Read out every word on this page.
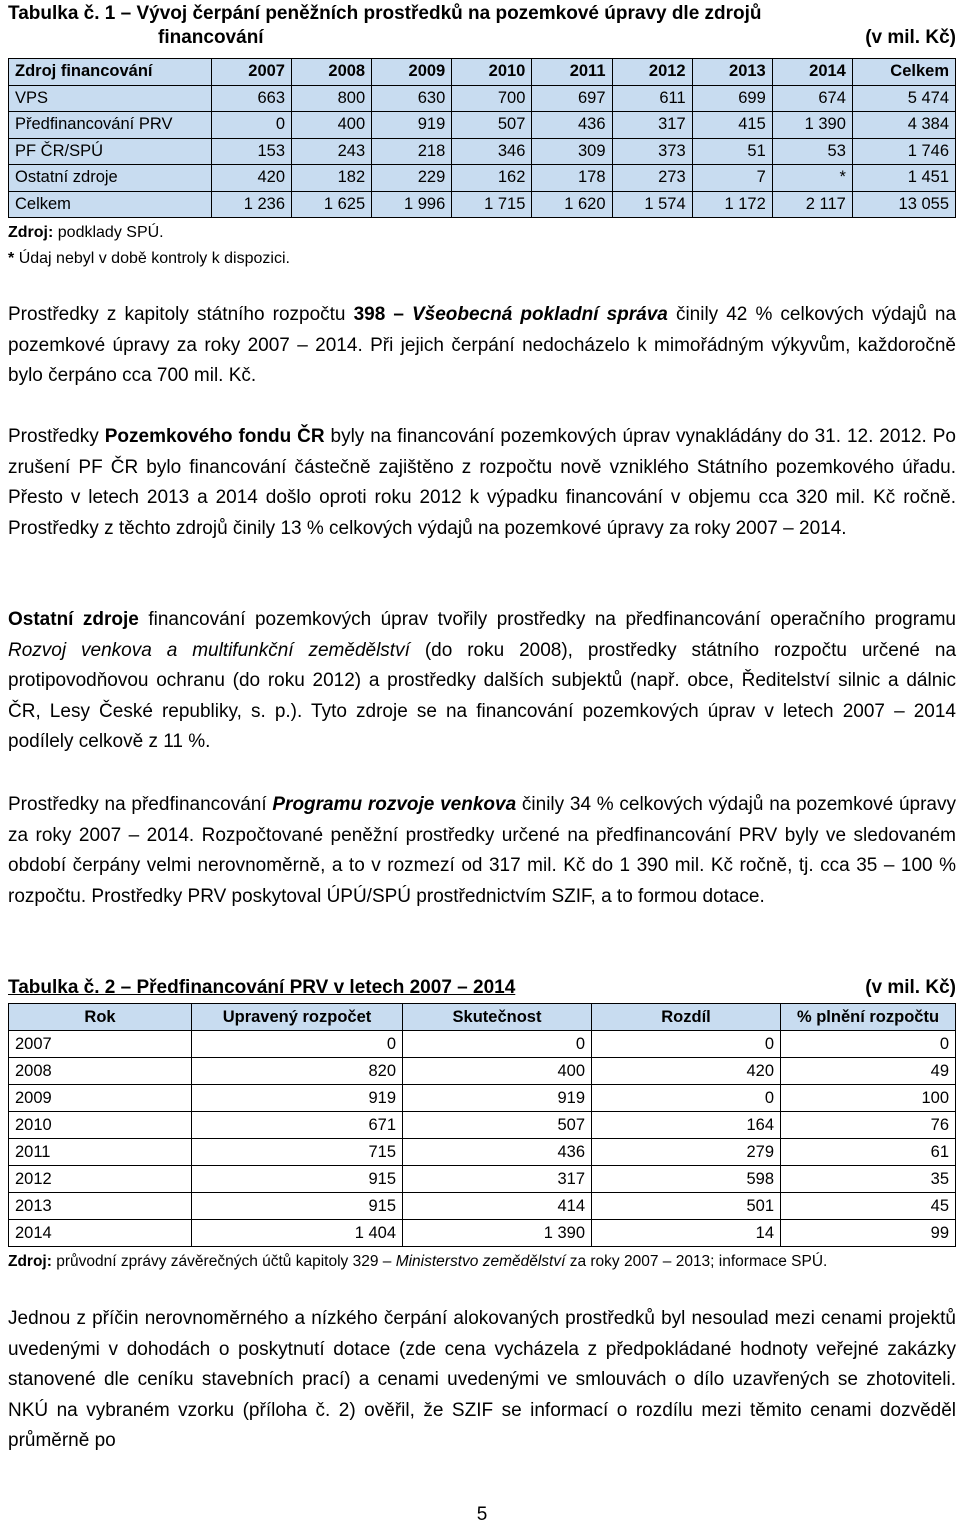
Tabulka č. 1 – Vývoj čerpání peněžních prostředků na pozemkové úpravy dle zdrojů
financování	(v mil. Kč)
Zdroj financování	2007	2008	2009	2010	2011	2012	2013	2014	Celkem
VPS	663	800	630	700	697	611	699	674	5 474
Předfinancování PRV	0	400	919	507	436	317	415	1 390	4 384
PF ČR/SPÚ	153	243	218	346	309	373	51	53	1 746
Ostatní zdroje	420	182	229	162	178	273	7	*	1 451
Celkem	1 236	1 625	1 996	1 715	1 620	1 574	1 172	2 117	13 055
Zdroj: podklady SPÚ.
* Údaj nebyl v době kontroly k dispozici.

Prostředky z kapitoly státního rozpočtu 398 – Všeobecná pokladní správa činily 42 % celkových výdajů na pozemkové úpravy za roky 2007 – 2014. Při jejich čerpání nedocházelo k mimořádným výkyvům, každoročně bylo čerpáno cca 700 mil. Kč.

Prostředky Pozemkového fondu ČR byly na financování pozemkových úprav vynakládány do 31. 12. 2012. Po zrušení PF ČR bylo financování částečně zajištěno z rozpočtu nově vzniklého Státního pozemkového úřadu. Přesto v letech 2013 a 2014 došlo oproti roku 2012 k výpadku financování v objemu cca 320 mil. Kč ročně. Prostředky z těchto zdrojů činily 13 % celkových výdajů na pozemkové úpravy za roky 2007 – 2014.

Ostatní zdroje financování pozemkových úprav tvořily prostředky na předfinancování operačního programu Rozvoj venkova a multifunkční zemědělství (do roku 2008), prostředky státního rozpočtu určené na protipovodňovou ochranu (do roku 2012) a prostředky dalších subjektů (např. obce, Ředitelství silnic a dálnic ČR, Lesy České republiky, s. p.). Tyto zdroje se na financování pozemkových úprav v letech 2007 – 2014 podílely celkově z 11 %.

Prostředky na předfinancování Programu rozvoje venkova činily 34 % celkových výdajů na pozemkové úpravy za roky 2007 – 2014. Rozpočtované peněžní prostředky určené na předfinancování PRV byly ve sledovaném období čerpány velmi nerovnoměrně, a to v rozmezí od 317 mil. Kč do 1 390 mil. Kč ročně, tj. cca 35 – 100 % rozpočtu. Prostředky PRV poskytoval ÚPÚ/SPÚ prostřednictvím SZIF, a to formou dotace.

Tabulka č. 2 – Předfinancování PRV v letech 2007 – 2014	(v mil. Kč)
Rok	Upravený rozpočet	Skutečnost	Rozdíl	% plnění rozpočtu
2007	0	0	0	0
2008	820	400	420	49
2009	919	919	0	100
2010	671	507	164	76
2011	715	436	279	61
2012	915	317	598	35
2013	915	414	501	45
2014	1 404	1 390	14	99
Zdroj: průvodní zprávy závěrečných účtů kapitoly 329 – Ministerstvo zemědělství za roky 2007 – 2013; informace SPÚ.

Jednou z příčin nerovnoměrného a nízkého čerpání alokovaných prostředků byl nesoulad mezi cenami projektů uvedenými v dohodách o poskytnutí dotace (zde cena vycházela z předpokládané hodnoty veřejné zakázky stanovené dle ceníku stavebních prací) a cenami uvedenými ve smlouvách o dílo uzavřených se zhotoviteli. NKÚ na vybraném vzorku (příloha č. 2) ověřil, že SZIF se informací o rozdílu mezi těmito cenami dozvěděl průměrně po

5
